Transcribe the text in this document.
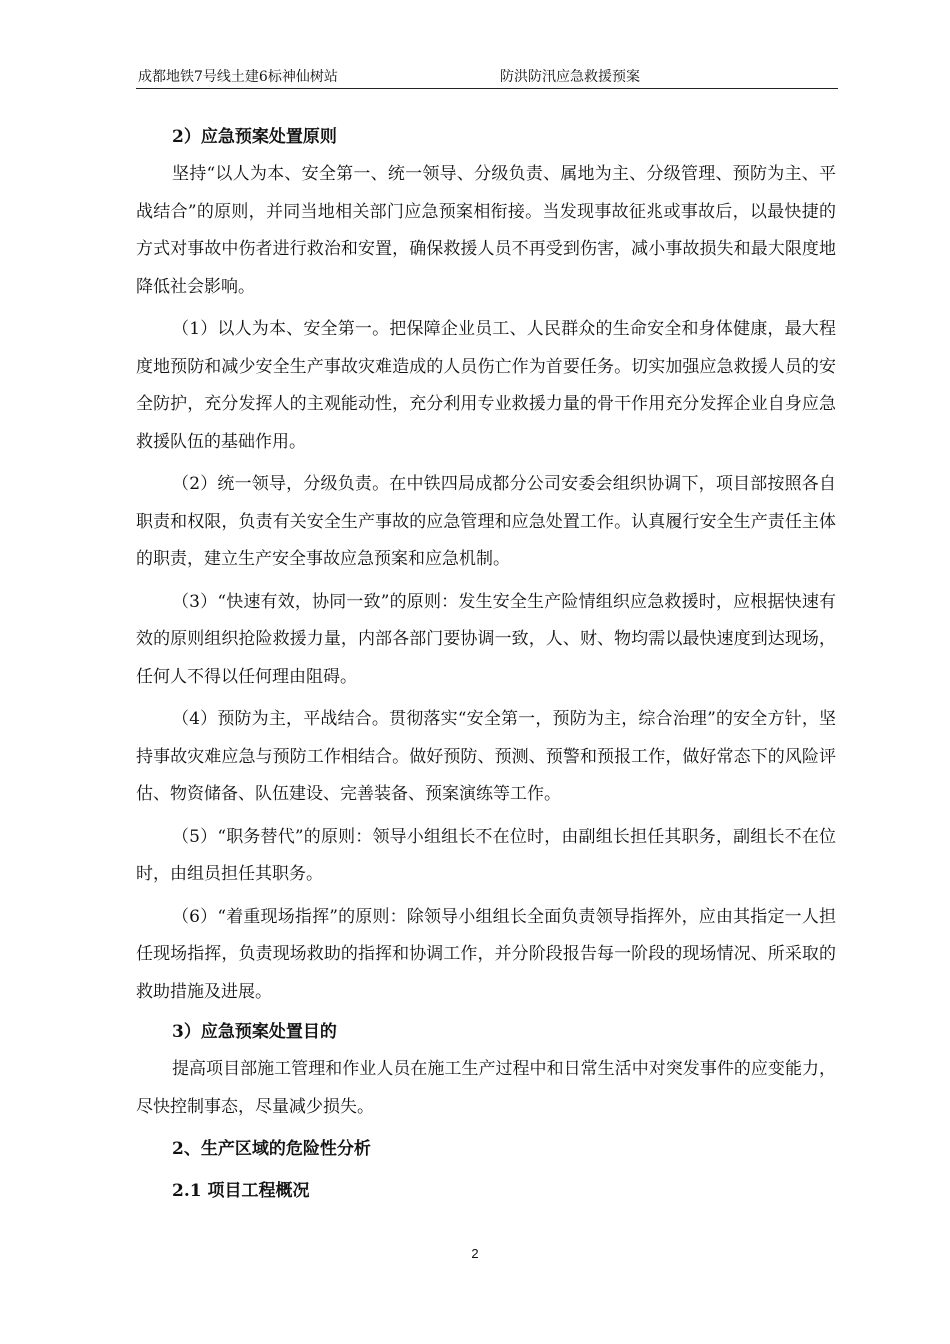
成都地铁7号线土建6标神仙树站	防洪防汛应急救援预案
2）应急预案处置原则

坚持“以人为本、安全第一、统一领导、分级负责、属地为主、分级管理、预防为主、平战结合”的原则，并同当地相关部门应急预案相衔接。当发现事故征兆或事故后，以最快捷的方式对事故中伤者进行救治和安置，确保救援人员不再受到伤害，减小事故损失和最大限度地降低社会影响。

（1）以人为本、安全第一。把保障企业员工、人民群众的生命安全和身体健康，最大程度地预防和减少安全生产事故灾难造成的人员伤亡作为首要任务。切实加强应急救援人员的安全防护，充分发挥人的主观能动性，充分利用专业救援力量的骨干作用充分发挥企业自身应急救援队伍的基础作用。

（2）统一领导，分级负责。在中铁四局成都分公司安委会组织协调下，项目部按照各自职责和权限，负责有关安全生产事故的应急管理和应急处置工作。认真履行安全生产责任主体的职责，建立生产安全事故应急预案和应急机制。

（3）“快速有效，协同一致”的原则：发生安全生产险情组织应急救援时，应根据快速有效的原则组织抢险救援力量，内部各部门要协调一致，人、财、物均需以最快速度到达现场，任何人不得以任何理由阻碍。

（4）预防为主，平战结合。贯彻落实“安全第一，预防为主，综合治理”的安全方针，坚持事故灾难应急与预防工作相结合。做好预防、预测、预警和预报工作，做好常态下的风险评估、物资储备、队伍建设、完善装备、预案演练等工作。

（5）“职务替代”的原则：领导小组组长不在位时，由副组长担任其职务，副组长不在位时，由组员担任其职务。

（6）“着重现场指挥”的原则：除领导小组组长全面负责领导指挥外，应由其指定一人担任现场指挥，负责现场救助的指挥和协调工作，并分阶段报告每一阶段的现场情况、所采取的救助措施及进展。

3）应急预案处置目的

提高项目部施工管理和作业人员在施工生产过程中和日常生活中对突发事件的应变能力，尽快控制事态，尽量减少损失。

2、生产区域的危险性分析
2.1 项目工程概况
2
